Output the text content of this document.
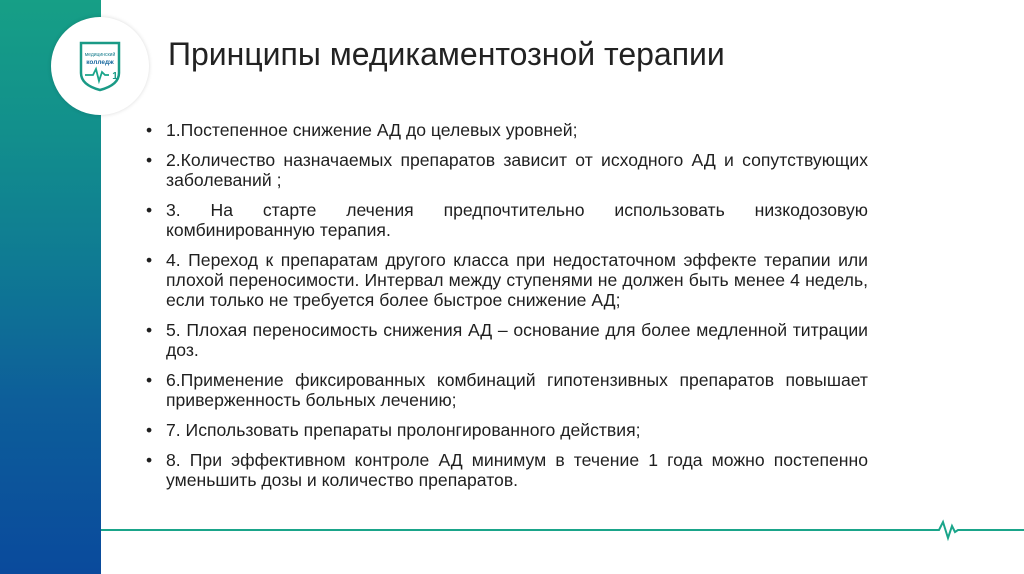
медицинский
колледж
1
Принципы медикаментозной терапии
• 1.Постепенное снижение АД до целевых уровней;
• 2.Количество назначаемых препаратов зависит от исходного АД и сопутствующих заболеваний ;
• 3. На старте лечения предпочтительно использовать низкодозовую комбинированную терапия.
• 4. Переход к препаратам другого класса при недостаточном эффекте терапии или плохой переносимости. Интервал между ступенями не должен быть менее 4 недель, если только не требуется более быстрое снижение АД;
• 5. Плохая переносимость снижения АД – основание для более медленной титрации доз.
• 6.Применение фиксированных комбинаций гипотензивных препаратов повышает приверженность больных лечению;
• 7. Использовать препараты пролонгированного действия;
• 8. При эффективном контроле АД минимум в течение 1 года можно постепенно уменьшить дозы и количество препаратов.
